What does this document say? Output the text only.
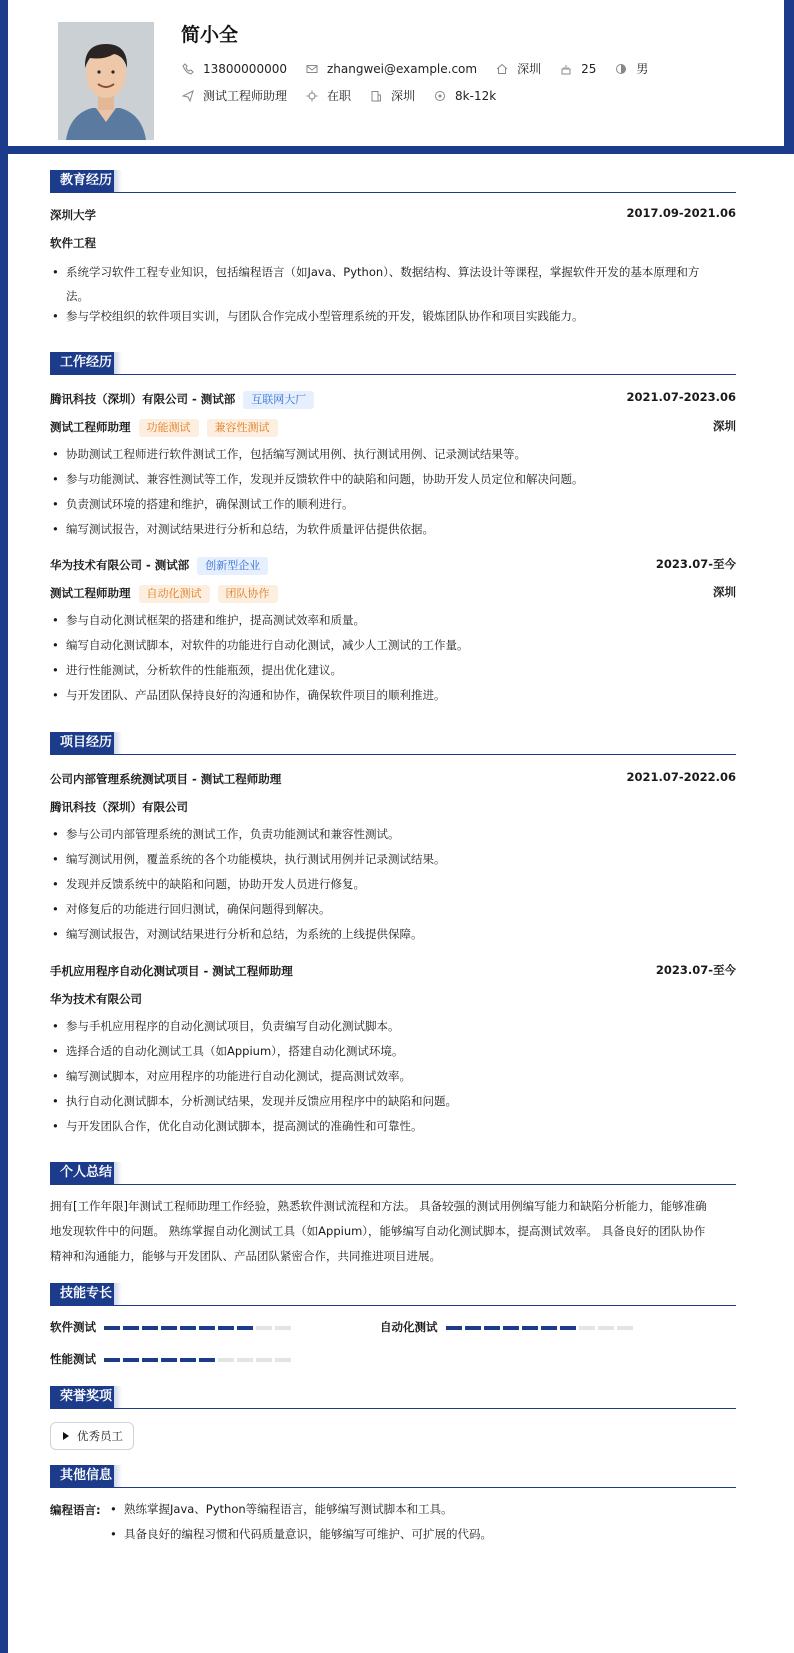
简小全
13800000000	zhangwei@example.com	深圳	25	男
测试工程师助理	在职	深圳	8k-12k
教育经历
深圳大学	2017.09-2021.06
软件工程
• 系统学习软件工程专业知识，包括编程语言（如Java、Python）、数据结构、算法设计等课程，掌握软件开发的基本原理和方
法。
• 参与学校组织的软件项目实训，与团队合作完成小型管理系统的开发，锻炼团队协作和项目实践能力。
工作经历
腾讯科技（深圳）有限公司 - 测试部 互联网大厂	2021.07-2023.06
测试工程师助理 功能测试 兼容性测试	深圳
• 协助测试工程师进行软件测试工作，包括编写测试用例、执行测试用例、记录测试结果等。
• 参与功能测试、兼容性测试等工作，发现并反馈软件中的缺陷和问题，协助开发人员定位和解决问题。
• 负责测试环境的搭建和维护，确保测试工作的顺利进行。
• 编写测试报告，对测试结果进行分析和总结，为软件质量评估提供依据。
华为技术有限公司 - 测试部 创新型企业	2023.07-至今
测试工程师助理 自动化测试 团队协作	深圳
• 参与自动化测试框架的搭建和维护，提高测试效率和质量。
• 编写自动化测试脚本，对软件的功能进行自动化测试，减少人工测试的工作量。
• 进行性能测试，分析软件的性能瓶颈，提出优化建议。
• 与开发团队、产品团队保持良好的沟通和协作，确保软件项目的顺利推进。
项目经历
公司内部管理系统测试项目 - 测试工程师助理	2021.07-2022.06
腾讯科技（深圳）有限公司
• 参与公司内部管理系统的测试工作，负责功能测试和兼容性测试。
• 编写测试用例，覆盖系统的各个功能模块，执行测试用例并记录测试结果。
• 发现并反馈系统中的缺陷和问题，协助开发人员进行修复。
• 对修复后的功能进行回归测试，确保问题得到解决。
• 编写测试报告，对测试结果进行分析和总结，为系统的上线提供保障。
手机应用程序自动化测试项目 - 测试工程师助理	2023.07-至今
华为技术有限公司
• 参与手机应用程序的自动化测试项目，负责编写自动化测试脚本。
• 选择合适的自动化测试工具（如Appium），搭建自动化测试环境。
• 编写测试脚本，对应用程序的功能进行自动化测试，提高测试效率。
• 执行自动化测试脚本，分析测试结果，发现并反馈应用程序中的缺陷和问题。
• 与开发团队合作，优化自动化测试脚本，提高测试的准确性和可靠性。
个人总结
拥有[工作年限]年测试工程师助理工作经验，熟悉软件测试流程和方法。 具备较强的测试用例编写能力和缺陷分析能力，能够准确
地发现软件中的问题。 熟练掌握自动化测试工具（如Appium），能够编写自动化测试脚本，提高测试效率。 具备良好的团队协作
精神和沟通能力，能够与开发团队、产品团队紧密合作，共同推进项目进展。
技能专长
软件测试	自动化测试
性能测试
荣誉奖项
优秀员工
其他信息
编程语言:
•	熟练掌握Java、Python等编程语言，能够编写测试脚本和工具。
• 具备良好的编程习惯和代码质量意识，能够编写可维护、可扩展的代码。
